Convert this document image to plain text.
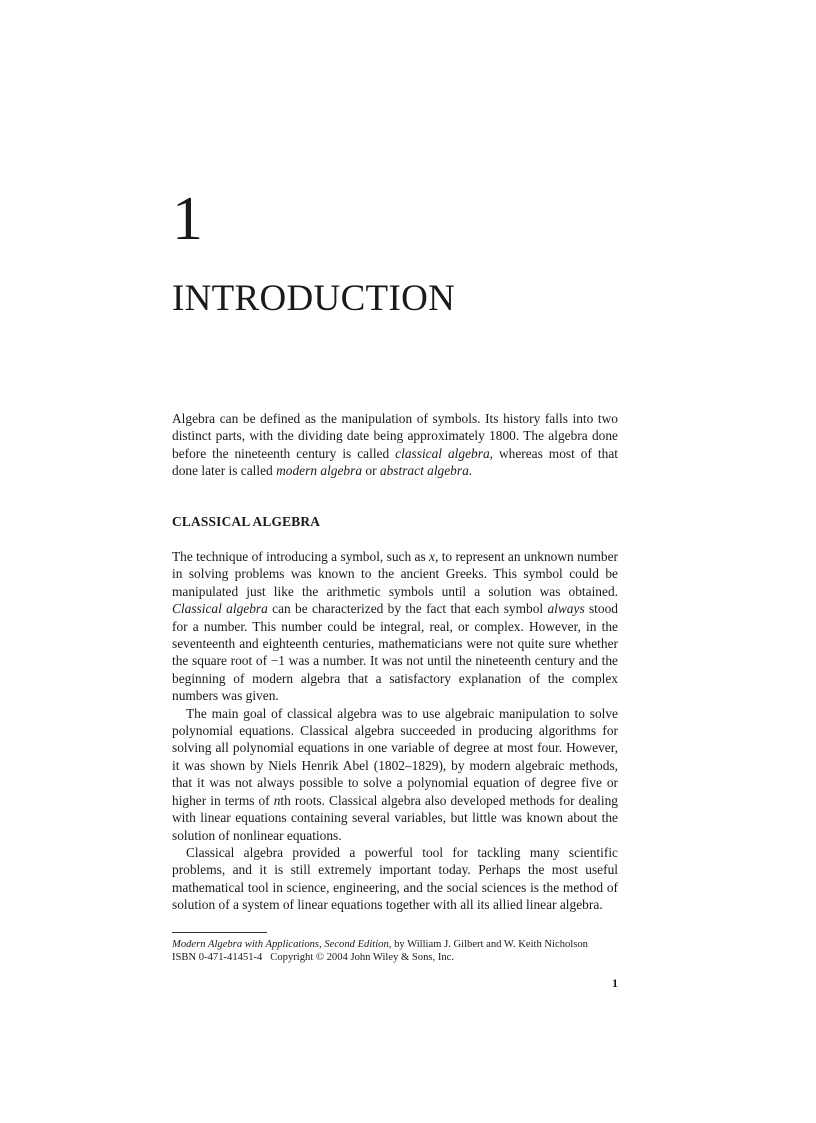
1
INTRODUCTION

Algebra can be defined as the manipulation of symbols. Its history falls into two distinct parts, with the dividing date being approximately 1800. The algebra done before the nineteenth century is called classical algebra, whereas most of that done later is called modern algebra or abstract algebra.

CLASSICAL ALGEBRA

The technique of introducing a symbol, such as x, to represent an unknown number in solving problems was known to the ancient Greeks. This symbol could be manipulated just like the arithmetic symbols until a solution was obtained. Classical algebra can be characterized by the fact that each symbol always stood for a number. This number could be integral, real, or complex. However, in the seventeenth and eighteenth centuries, mathematicians were not quite sure whether the square root of −1 was a number. It was not until the nineteenth century and the beginning of modern algebra that a satisfactory explanation of the complex numbers was given.

The main goal of classical algebra was to use algebraic manipulation to solve polynomial equations. Classical algebra succeeded in producing algorithms for solving all polynomial equations in one variable of degree at most four. However, it was shown by Niels Henrik Abel (1802–1829), by modern algebraic methods, that it was not always possible to solve a polynomial equation of degree five or higher in terms of nth roots. Classical algebra also developed methods for dealing with linear equations containing several variables, but little was known about the solution of nonlinear equations.

Classical algebra provided a powerful tool for tackling many scientific problems, and it is still extremely important today. Perhaps the most useful mathematical tool in science, engineering, and the social sciences is the method of solution of a system of linear equations together with all its allied linear algebra.

Modern Algebra with Applications, Second Edition, by William J. Gilbert and W. Keith Nicholson
ISBN 0-471-41451-4 Copyright © 2004 John Wiley & Sons, Inc.
1
